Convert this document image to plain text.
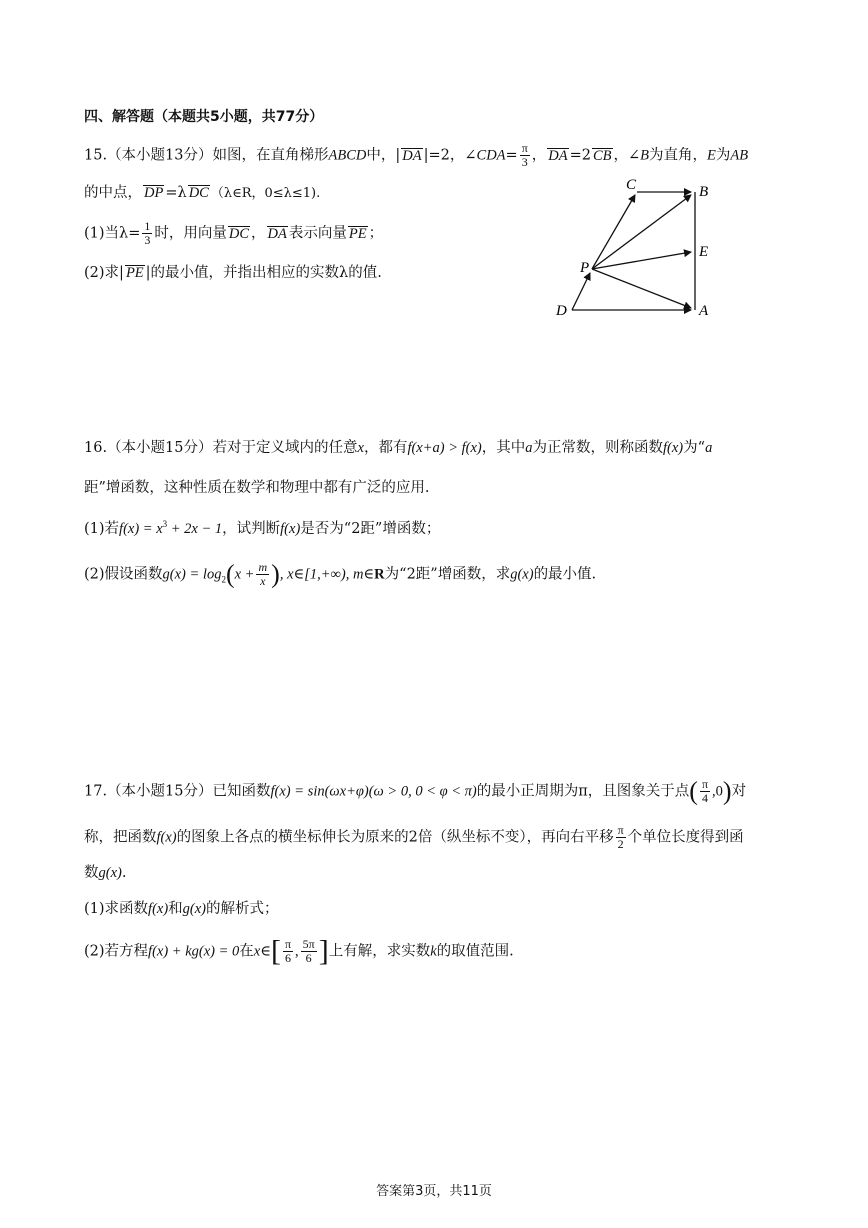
四、解答题（本题共5小题，共77分）
15.（本小题13分）如图，在直角梯形ABCD中，| DA |=2，∠CDA= $\frac{\pi}{3}$ ， DA =2 CB ，∠B为直角，E为AB
的中点， DP =λ DC （λ∈R，0≤λ≤1).
(1)当$\lambda= \frac{1}{3}$ 时，用向量 DC ， DA 表示向量 PE ；
(2)求| PE |的最小值，并指出相应的实数λ的值.
C	B
E
P
D	A
16.（本小题15分）若对于定义域内的任意x，都有f(x+a) > f(x)，其中a为正常数，则称函数f(x)为“a
距”增函数，这种性质在数学和物理中都有广泛的应用.
(1)若$f(x) = x^3 + 2x - 1$，试判断f(x)是否为“2距”增函数；
(2)假设函数$g(x) = \log_2(x + \frac{m}{x}$ ), x∈[1,+∞), m∈R为“2距”增函数，求g(x)的最小值.
17.（本小题15分）已知函数f(x) = sin(ωx+φ)(ω > 0, 0 < φ < π)的最小正周期为π，且图象关于点( $\frac{\pi}{4} ,0$)对
称，把函数f(x)的图象上各点的横坐标伸长为原来的2倍（纵坐标不变），再向右平移 $\frac{\pi}{2}$ 个单位长度得到函
数g(x).
(1)求函数f(x)和g(x)的解析式；
(2)若方程f(x) + kg(x) = 0在x∈[ $\frac{\pi}{6}$ , $\frac{5\pi}{6}$ ]上有解，求实数k的取值范围.
答案第3页，共11页
